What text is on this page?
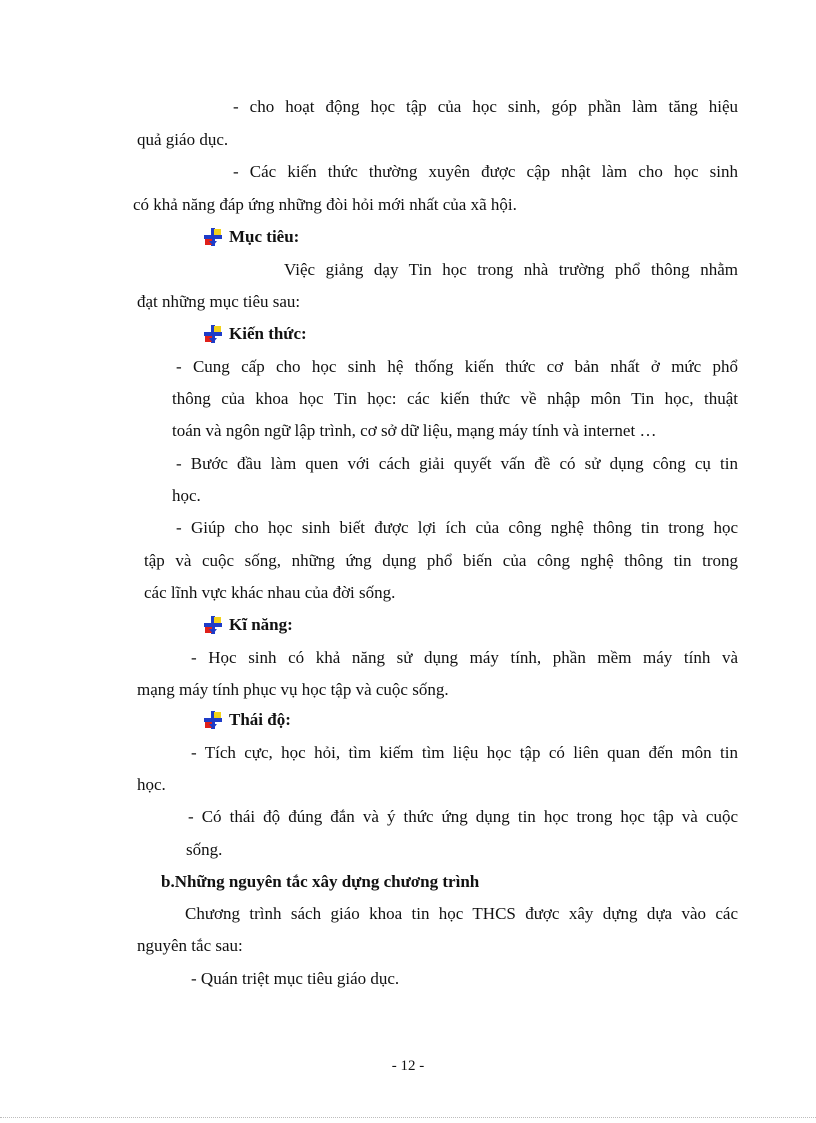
- cho hoạt động học tập của học sinh, góp phần làm tăng hiệu
quả giáo dục.
- Các kiến thức thường xuyên được cập nhật làm cho học sinh
có khả năng đáp ứng những đòi hỏi mới nhất của xã hội.
Mục tiêu:
Việc giảng dạy Tin học trong nhà trường phổ thông nhằm
đạt những mục tiêu sau:
Kiến thức:
- Cung cấp cho học sinh hệ thống kiến thức cơ bản nhất ở mức phổ
thông của khoa học Tin học: các kiến thức về nhập môn Tin học, thuật
toán và ngôn ngữ lập trình, cơ sở dữ liệu, mạng máy tính và internet …
- Bước đầu làm quen với cách giải quyết vấn đề có sử dụng công cụ tin
học.
- Giúp cho học sinh biết được lợi ích của công nghệ thông tin trong học
tập và cuộc sống, những ứng dụng phổ biến của công nghệ thông tin trong
các lĩnh vực khác nhau của đời sống.
Kĩ năng:
- Học sinh có khả năng sử dụng máy tính, phần mềm máy tính và
mạng máy tính phục vụ học tập và cuộc sống.
Thái độ:
- Tích cực, học hỏi, tìm kiếm tìm liệu học tập có liên quan đến môn tin
học.
- Có thái độ đúng đắn và ý thức ứng dụng tin học trong học tập và cuộc
sống.
b.Những nguyên tắc xây dựng chương trình
Chương trình sách giáo khoa tin học THCS được xây dựng dựa vào các
nguyên tắc sau:
- Quán triệt mục tiêu giáo dục.
- 12 -
